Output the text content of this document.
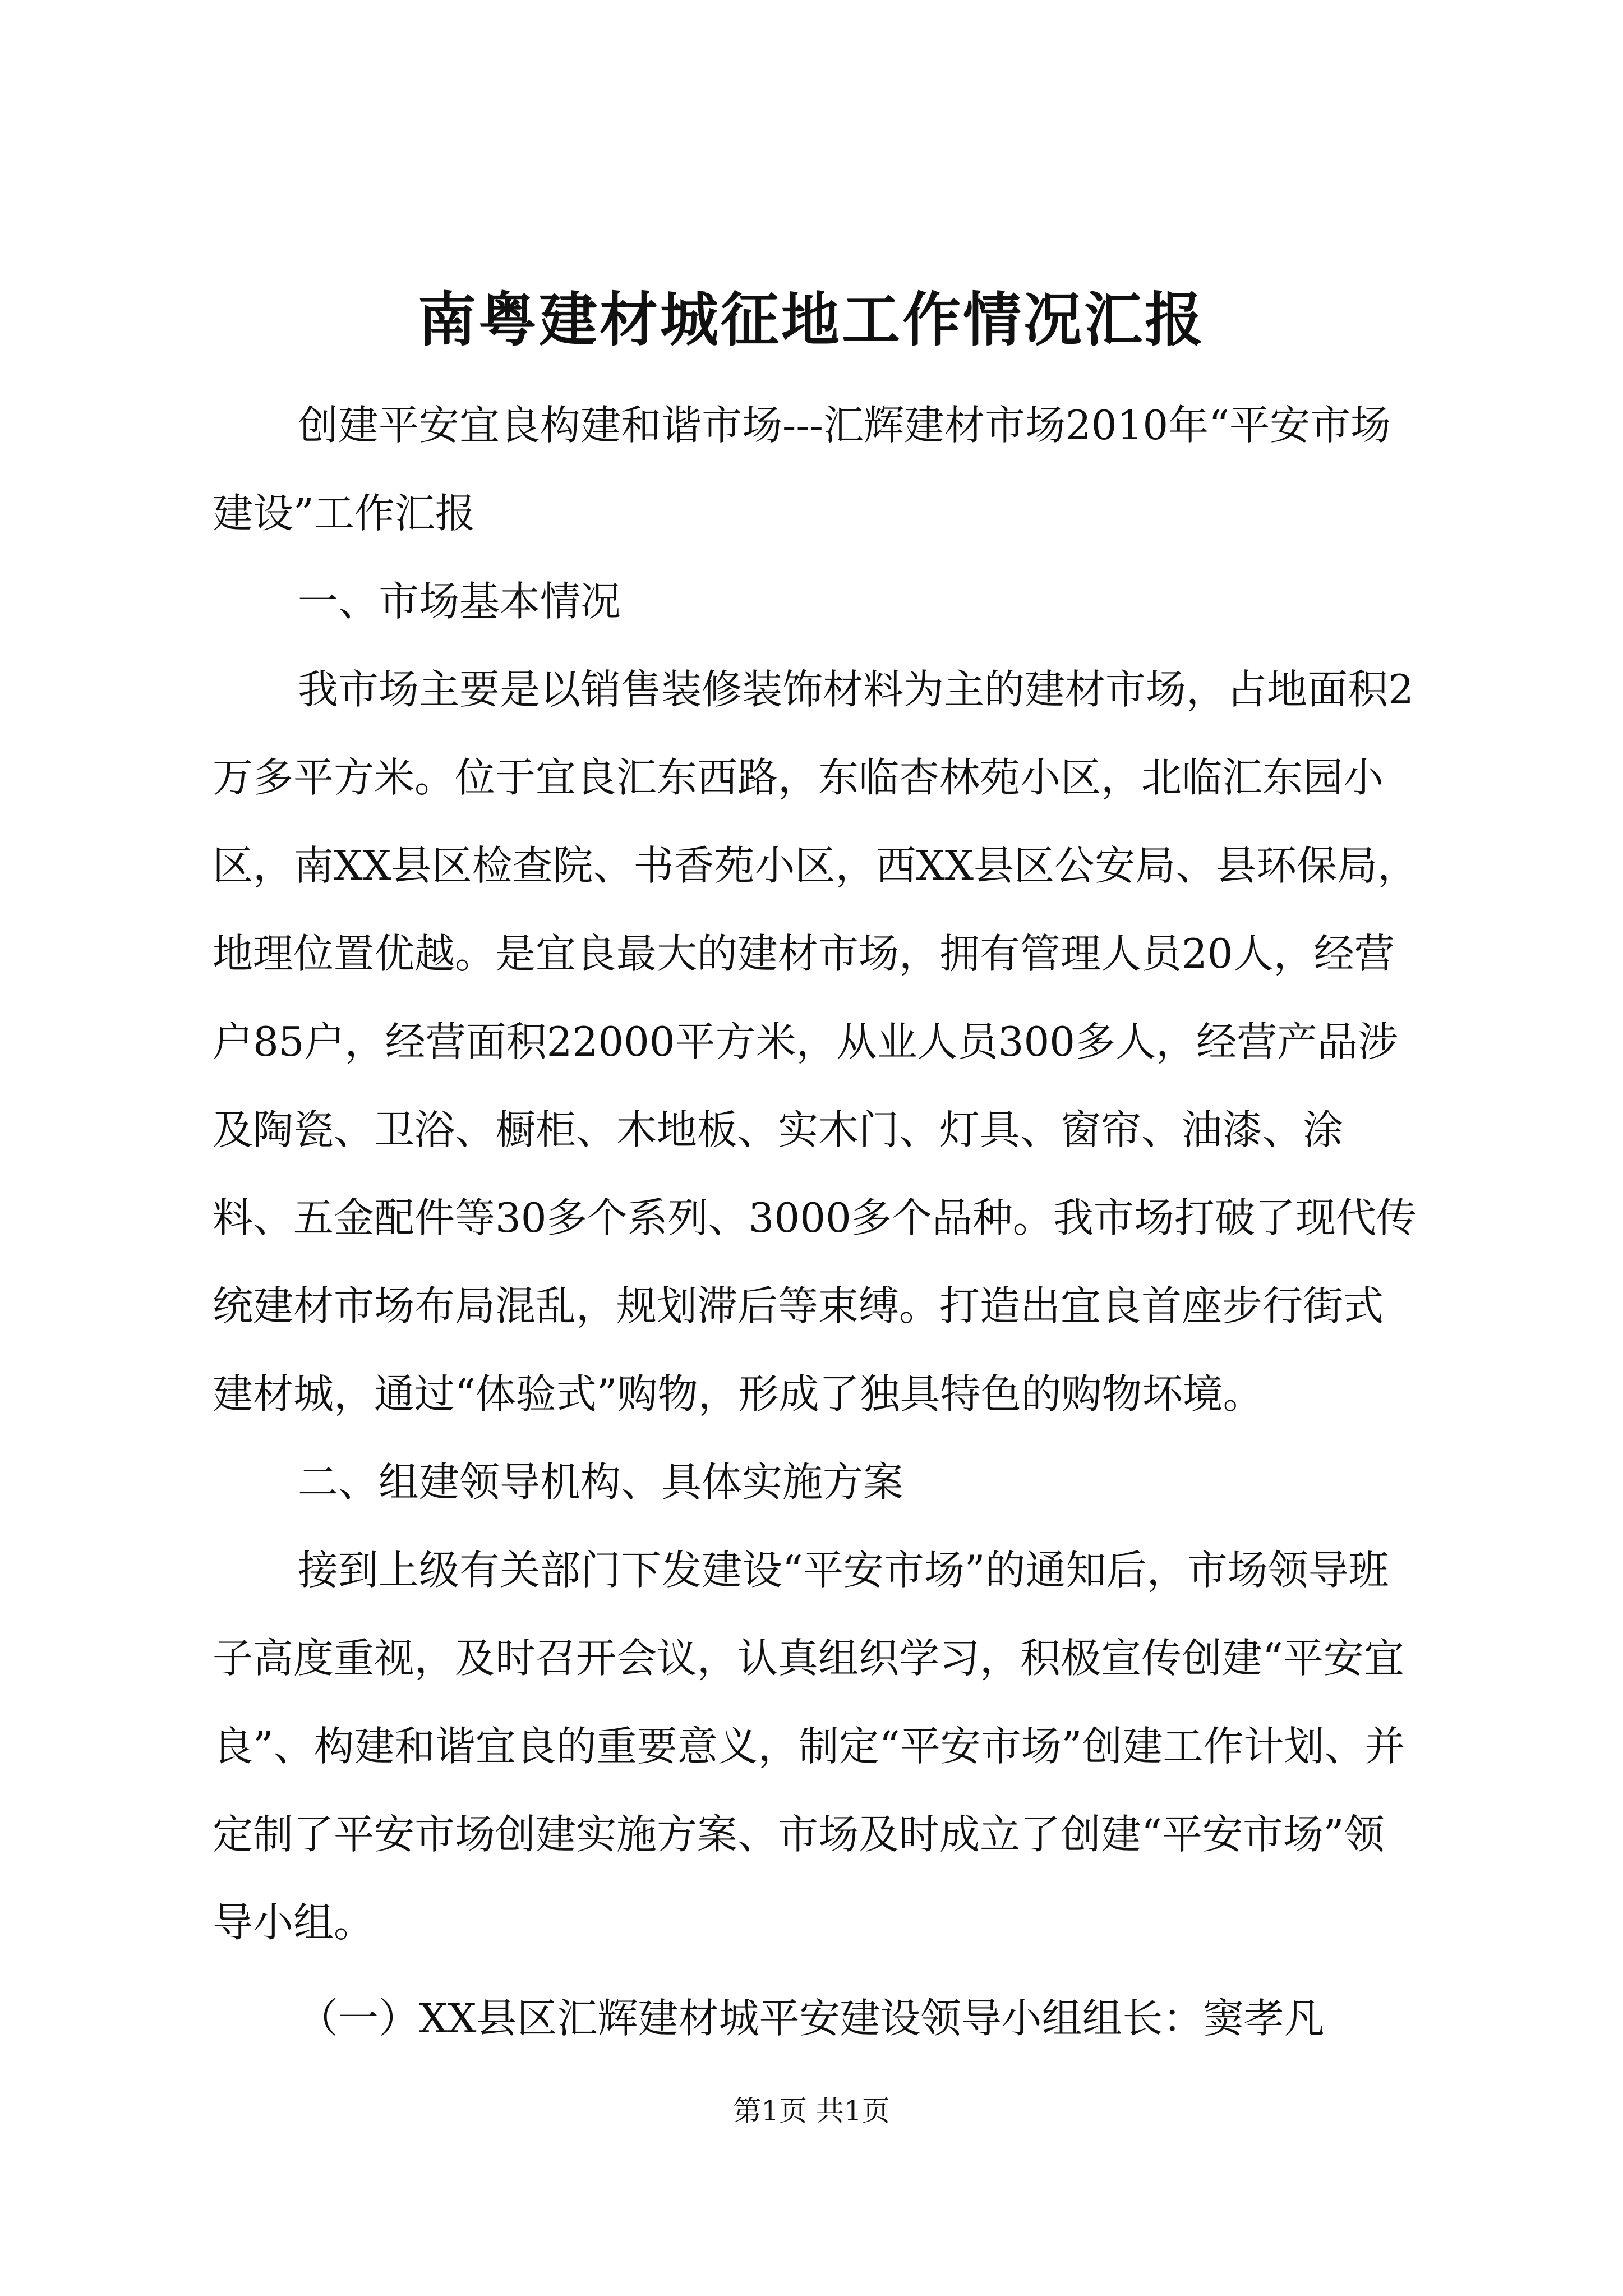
南粤建材城征地工作情况汇报

创建平安宜良构建和谐市场---汇辉建材市场2010年“平安市场建设”工作汇报

一、市场基本情况

我市场主要是以销售装修装饰材料为主的建材市场，占地面积2万多平方米。位于宜良汇东西路，东临杏林苑小区，北临汇东园小区，南XX县区检查院、书香苑小区，西XX县区公安局、县环保局，地理位置优越。是宜良最大的建材市场，拥有管理人员20人，经营户85户，经营面积22000平方米，从业人员300多人，经营产品涉及陶瓷、卫浴、橱柜、木地板、实木门、灯具、窗帘、油漆、涂料、五金配件等30多个系列、3000多个品种。我市场打破了现代传统建材市场布局混乱，规划滞后等束缚。打造出宜良首座步行街式建材城，通过“体验式”购物，形成了独具特色的购物坏境。

二、组建领导机构、具体实施方案

接到上级有关部门下发建设“平安市场”的通知后，市场领导班子高度重视，及时召开会议，认真组织学习，积极宣传创建“平安宜良”、构建和谐宜良的重要意义，制定“平安市场”创建工作计划、并定制了平安市场创建实施方案、市场及时成立了创建“平安市场”领导小组。

（一）XX县区汇辉建材城平安建设领导小组组长：窦孝凡

第1页 共1页
